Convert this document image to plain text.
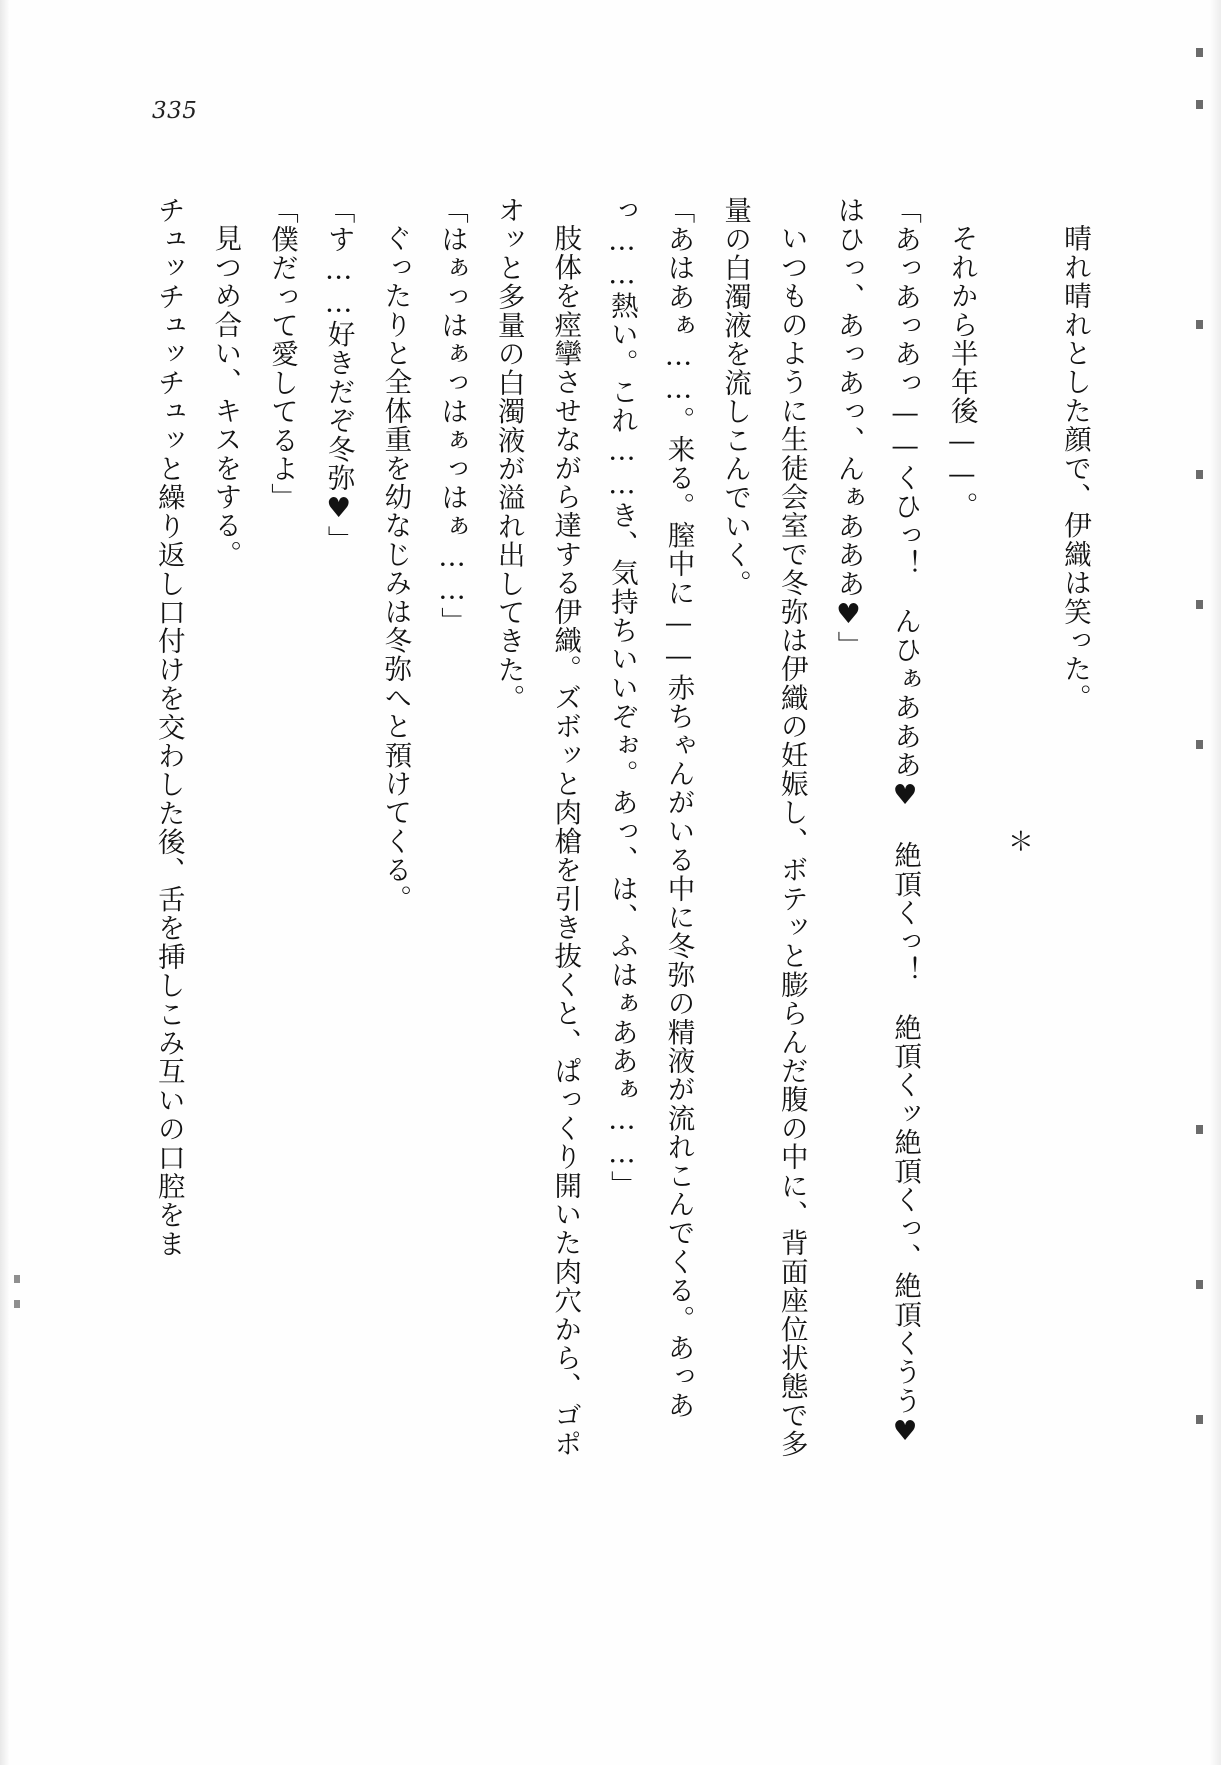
335

晴れ晴れとした顔で、伊織は笑った。

＊

それから半年後——。

「あっあっあっ——くひっ！　んひぁあああ♥　絶頂くっ！　絶頂くッ絶頂くっ、絶頂くうう♥　はひっ、あっあっ、んぁあああ♥」

いつものように生徒会室で冬弥は伊織の妊娠し、ボテッと膨らんだ腹の中に、背面座位状態で多量の白濁液を流しこんでいく。

「あはあぁ……。来る。膣中に——赤ちゃんがいる中に冬弥の精液が流れこんでくる。あっあっ……熱い。これ……き、気持ちいいぞぉ。あっ、は、ふはぁああぁ……」

肢体を痙攣させながら達する伊織。ズボッと肉槍を引き抜くと、ぱっくり開いた肉穴から、ゴポオッと多量の白濁液が溢れ出してきた。

「はぁっはぁっはぁっはぁ……」

ぐったりと全体重を幼なじみは冬弥へと預けてくる。

「す……好きだぞ冬弥♥」

「僕だって愛してるよ」

見つめ合い、キスをする。

チュッチュッチュッと繰り返し口付けを交わした後、舌を挿しこみ互いの口腔をま
